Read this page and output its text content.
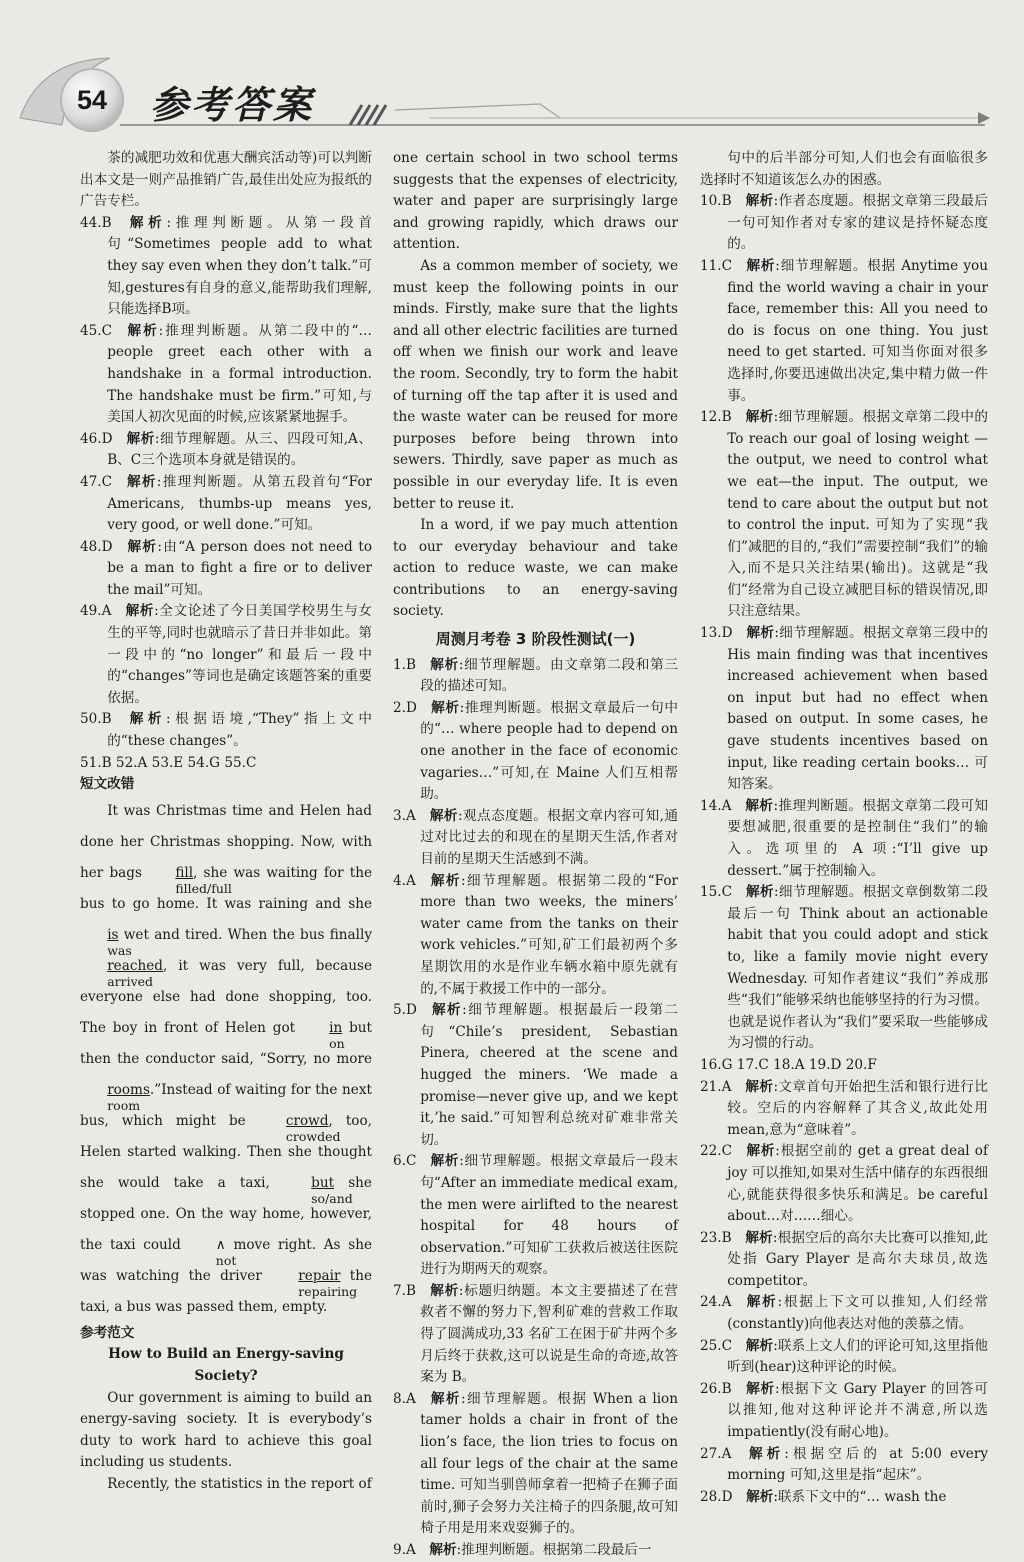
54	参考答案

茶的减肥功效和优惠大酬宾活动等)可以判断出本文是一则产品推销广告,最佳出处应为报纸的广告专栏。

44.B  解析:推理判断题。从第一段首句“Sometimes people add to what they say even when they don’t talk.”可知,gestures有自身的意义,能帮助我们理解,只能选择B项。

45.C  解析:推理判断题。从第二段中的“…people greet each other with a handshake in a formal introduction. The handshake must be firm.”可知,与美国人初次见面的时候,应该紧紧地握手。

46.D  解析:细节理解题。从三、四段可知,A、B、C三个选项本身就是错误的。

47.C  解析:推理判断题。从第五段首句“For Americans, thumbs-up means yes, very good, or well done.”可知。

48.D  解析:由“A person does not need to be a man to fight a fire or to deliver the mail”可知。

49.A  解析:全文论述了今日美国学校男生与女生的平等,同时也就暗示了昔日并非如此。第一段中的“no longer”和最后一段中的“changes”等词也是确定该题答案的重要依据。

50.B  解析:根据语境,“They”指上文中的“these changes”。

51.B 52.A 53.E 54.G 55.C

短文改错

It was Christmas time and Helen had done her Christmas shopping. Now, with her bags fill
filled/full
, she was waiting for the bus to go home. It was raining and she is
was
wet and tired. When the bus finally reached
arrived
, it was very full, because everyone else had done shopping, too. The boy in front of Helen got	in
on
but then the conductor said, “Sorry, no more rooms
room
.”Instead of waiting for the next bus, which might be	crowd
crowded
, too, Helen started walking. Then she thought she would take a taxi,	but
so/and
she stopped one. On the way home, however, the taxi could	∧
not
move right. As she was watching the driver	repair
repairing
the taxi, a bus was passed them, empty.

参考范文

How to Build an Energy-saving Society?

Our government is aiming to build an energy-saving society. It is everybody’s duty to work hard to achieve this goal including us students.

Recently, the statistics in the report of

one certain school in two school terms suggests that the expenses of electricity, water and paper are surprisingly large and growing rapidly, which draws our attention.

As a common member of society, we must keep the following points in our minds. Firstly, make sure that the lights and all other electric facilities are turned off when we finish our work and leave the room. Secondly, try to form the habit of turning off the tap after it is used and the waste water can be reused for more purposes before being thrown into sewers. Thirdly, save paper as much as possible in our everyday life. It is even better to reuse it.

In a word, if we pay much attention to our everyday behaviour and take action to reduce waste, we can make contributions to an energy-saving society.

周测月考卷 3 阶段性测试(一)

1.B  解析:细节理解题。由文章第二段和第三段的描述可知。

2.D  解析:推理判断题。根据文章最后一句中的“… where people had to depend on one another in the face of economic vagaries…”可知,在 Maine 人们互相帮助。

3.A  解析:观点态度题。根据文章内容可知,通过对比过去的和现在的星期天生活,作者对目前的星期天生活感到不满。

4.A  解析:细节理解题。根据第二段的“For more than two weeks, the miners’ water came from the tanks on their work vehicles.”可知,矿工们最初两个多星期饮用的水是作业车辆水箱中原先就有的,不属于救援工作中的一部分。

5.D  解析:细节理解题。根据最后一段第二句“Chile’s president, Sebastian Pinera, cheered at the scene and hugged the miners. ‘We made a promise—never give up, and we kept it,’he said.”可知智利总统对矿难非常关切。

6.C  解析:细节理解题。根据文章最后一段末句“After an immediate medical exam, the men were airlifted to the nearest hospital for 48 hours of observation.”可知矿工获救后被送往医院进行为期两天的观察。

7.B  解析:标题归纳题。本文主要描述了在营救者不懈的努力下,智利矿难的营救工作取得了圆满成功,33 名矿工在困于矿井两个多月后终于获救,这可以说是生命的奇迹,故答案为 B。

8.A  解析:细节理解题。根据 When a lion tamer holds a chair in front of the lion’s face, the lion tries to focus on all four legs of the chair at the same time. 可知当驯兽师拿着一把椅子在狮子面前时,狮子会努力关注椅子的四条腿,故可知椅子用是用来戏耍狮子的。

9.A  解析:推理判断题。根据第二段最后一

句中的后半部分可知,人们也会有面临很多选择时不知道该怎么办的困惑。

10.B  解析:作者态度题。根据文章第三段最后一句可知作者对专家的建议是持怀疑态度的。

11.C  解析:细节理解题。根据 Anytime you find the world waving a chair in your face, remember this: All you need to do is focus on one thing. You just need to get started. 可知当你面对很多选择时,你要迅速做出决定,集中精力做一件事。

12.B  解析:细节理解题。根据文章第二段中的 To reach our goal of losing weight — the output, we need to control what we eat—the input. The output, we tend to care about the output but not to control the input. 可知为了实现“我们”减肥的目的,“我们”需要控制“我们”的输入,而不是只关注结果(输出)。这就是“我们”经常为自己设立减肥目标的错误情况,即只注意结果。

13.D  解析:细节理解题。根据文章第三段中的 His main finding was that incentives increased achievement when based on input but had no effect when based on output. In some cases, he gave students incentives based on input, like reading certain books… 可知答案。

14.A  解析:推理判断题。根据文章第二段可知要想减肥,很重要的是控制住“我们”的输入。选项里的 A 项:“I’ll give up dessert.”属于控制输入。

15.C  解析:细节理解题。根据文章倒数第二段最后一句 Think about an actionable habit that you could adopt and stick to, like a family movie night every Wednesday. 可知作者建议“我们”养成那些“我们”能够采纳也能够坚持的行为习惯。也就是说作者认为“我们”要采取一些能够成为习惯的行动。

16.G 17.C 18.A 19.D 20.F

21.A  解析:文章首句开始把生活和银行进行比较。空后的内容解释了其含义,故此处用 mean,意为“意味着”。

22.C  解析:根据空前的 get a great deal of joy 可以推知,如果对生活中储存的东西很细心,就能获得很多快乐和满足。be careful about…对……细心。

23.B  解析:根据空后的高尔夫比赛可以推知,此处指 Gary Player 是高尔夫球员,故选 competitor。

24.A  解析:根据上下文可以推知,人们经常(constantly)向他表达对他的羡慕之情。

25.C  解析:联系上文人们的评论可知,这里指他听到(hear)这种评论的时候。

26.B  解析:根据下文 Gary Player 的回答可以推知,他对这种评论并不满意,所以选 impatiently(没有耐心地)。

27.A  解析:根据空后的 at 5:00 every morning 可知,这里是指“起床”。

28.D  解析:联系下文中的“… wash the
